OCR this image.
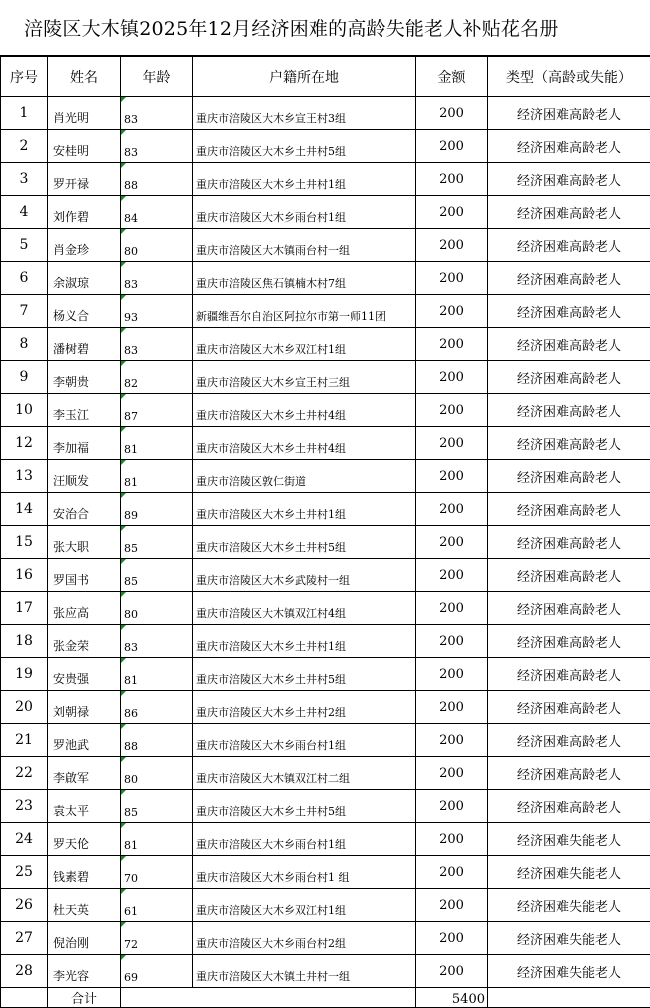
涪陵区大木镇2025年12月经济困难的高龄失能老人补贴花名册
序号	姓名	年龄	户籍所在地	金额	类型（高龄或失能）
1	肖光明	83	重庆市涪陵区大木乡宣王村3组	200	经济困难高龄老人
2	安桂明	83	重庆市涪陵区大木乡土井村5组	200	经济困难高龄老人
3	罗开禄	88	重庆市涪陵区大木乡土井村1组	200	经济困难高龄老人
4	刘作碧	84	重庆市涪陵区大木乡雨台村1组	200	经济困难高龄老人
5	肖金珍	80	重庆市涪陵区大木镇雨台村一组	200	经济困难高龄老人
6	余淑琼	83	重庆市涪陵区焦石镇楠木村7组	200	经济困难高龄老人
7	杨义合	93	新疆维吾尔自治区阿拉尔市第一师11团	200	经济困难高龄老人
8	潘树碧	83	重庆市涪陵区大木乡双江村1组	200	经济困难高龄老人
9	李朝贵	82	重庆市涪陵区大木乡宣王村三组	200	经济困难高龄老人
10	李玉江	87	重庆市涪陵区大木乡土井村4组	200	经济困难高龄老人
12	李加福	81	重庆市涪陵区大木乡土井村4组	200	经济困难高龄老人
13	汪顺发	81	重庆市涪陵区敦仁街道	200	经济困难高龄老人
14	安治合	89	重庆市涪陵区大木乡土井村1组	200	经济困难高龄老人
15	张大职	85	重庆市涪陵区大木乡土井村5组	200	经济困难高龄老人
16	罗国书	85	重庆市涪陵区大木乡武陵村一组	200	经济困难高龄老人
17	张应高	80	重庆市涪陵区大木镇双江村4组	200	经济困难高龄老人
18	张金荣	83	重庆市涪陵区大木乡土井村1组	200	经济困难高龄老人
19	安贵强	81	重庆市涪陵区大木乡土井村5组	200	经济困难高龄老人
20	刘朝禄	86	重庆市涪陵区大木乡土井村2组	200	经济困难高龄老人
21	罗池武	88	重庆市涪陵区大木乡雨台村1组	200	经济困难高龄老人
22	李啟军	80	重庆市涪陵区大木镇双江村二组	200	经济困难高龄老人
23	袁太平	85	重庆市涪陵区大木乡土井村5组	200	经济困难高龄老人
24	罗天伦	81	重庆市涪陵区大木乡雨台村1组	200	经济困难失能老人
25	钱素碧	70	重庆市涪陵区大木乡雨台村1 组	200	经济困难失能老人
26	杜天英	61	重庆市涪陵区大木乡双江村1组	200	经济困难失能老人
27	倪治刚	72	重庆市涪陵区大木乡雨台村2组	200	经济困难失能老人
28	李光容	69	重庆市涪陵区大木镇土井村一组	200	经济困难失能老人
	合计			5400	
